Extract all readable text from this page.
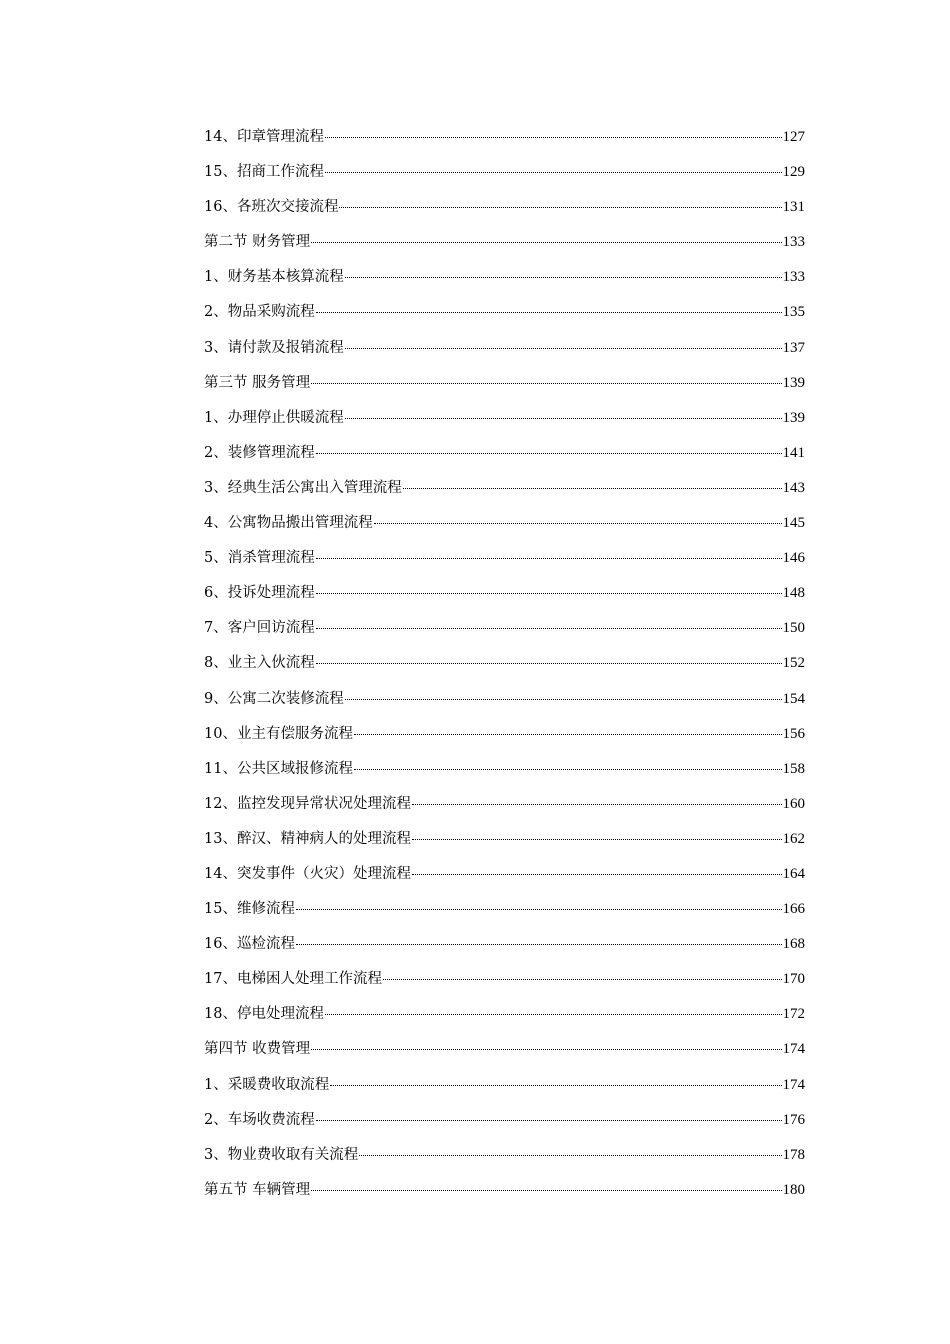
14、印章管理流程	127
15、招商工作流程	129
16、各班次交接流程	131
第二节 财务管理	133
1、财务基本核算流程	133
2、物品采购流程	135
3、请付款及报销流程	137
第三节 服务管理	139
1、办理停止供暖流程	139
2、装修管理流程	141
3、经典生活公寓出入管理流程	143
4、公寓物品搬出管理流程	145
5、消杀管理流程	146
6、投诉处理流程	148
7、客户回访流程	150
8、业主入伙流程	152
9、公寓二次装修流程	154
10、业主有偿服务流程	156
11、公共区域报修流程	158
12、监控发现异常状况处理流程	160
13、醉汉、精神病人的处理流程	162
14、突发事件（火灾）处理流程	164
15、维修流程	166
16、巡检流程	168
17、电梯困人处理工作流程	170
18、停电处理流程	172
第四节 收费管理	174
1、采暖费收取流程	174
2、车场收费流程	176
3、物业费收取有关流程	178
第五节 车辆管理	180
